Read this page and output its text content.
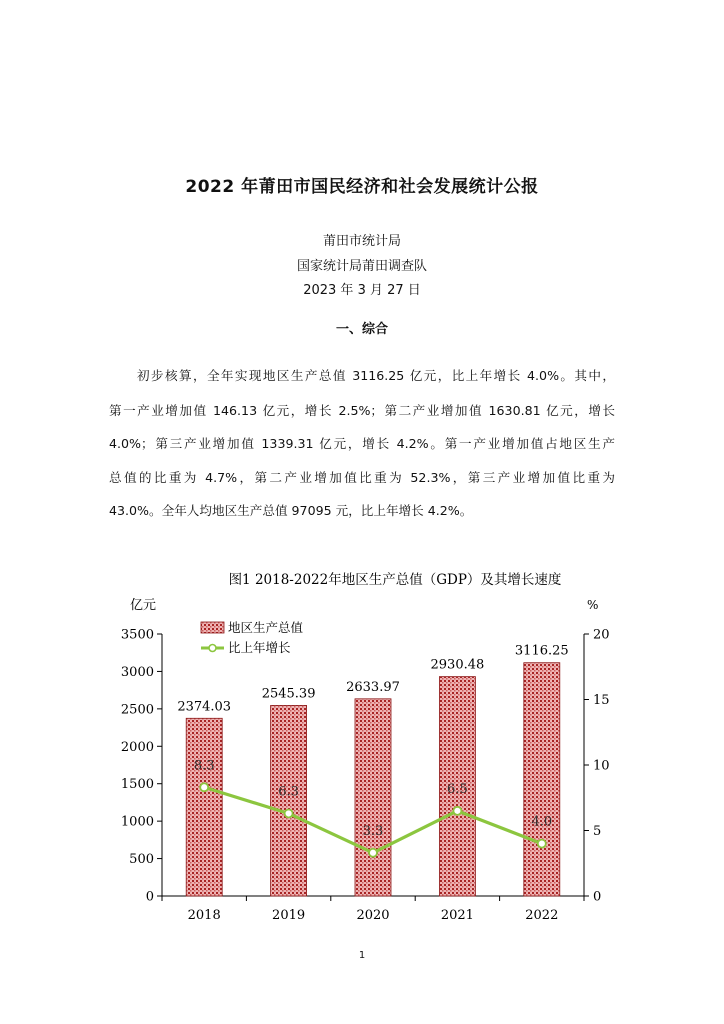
2022 年莆田市国民经济和社会发展统计公报
莆田市统计局
国家统计局莆田调查队
2023 年 3 月 27 日
一、综合
初步核算，全年实现地区生产总值 3116.25 亿元，比上年增长 4.0%。其中，
第一产业增加值 146.13 亿元，增长 2.5%；第二产业增加值 1630.81 亿元，增长
4.0%；第三产业增加值 1339.31 亿元，增长 4.2%。第一产业增加值占地区生产
总值的比重为 4.7%，第二产业增加值比重为 52.3%，第三产业增加值比重为
43.0%。全年人均地区生产总值 97095 元，比上年增长 4.2%。
图1 2018-2022年地区生产总值（GDP）及其增长速度
亿元	%
0
500
1000
1500
2000
2500
3000
3500
0
5
10
15
20
2018	2019	2020	2021	2022
2374.03
2545.39 2633.97
2930.48
3116.25
8.3
6.3
3.3
6.5
4.0
地区生产总值
比上年增长
1
